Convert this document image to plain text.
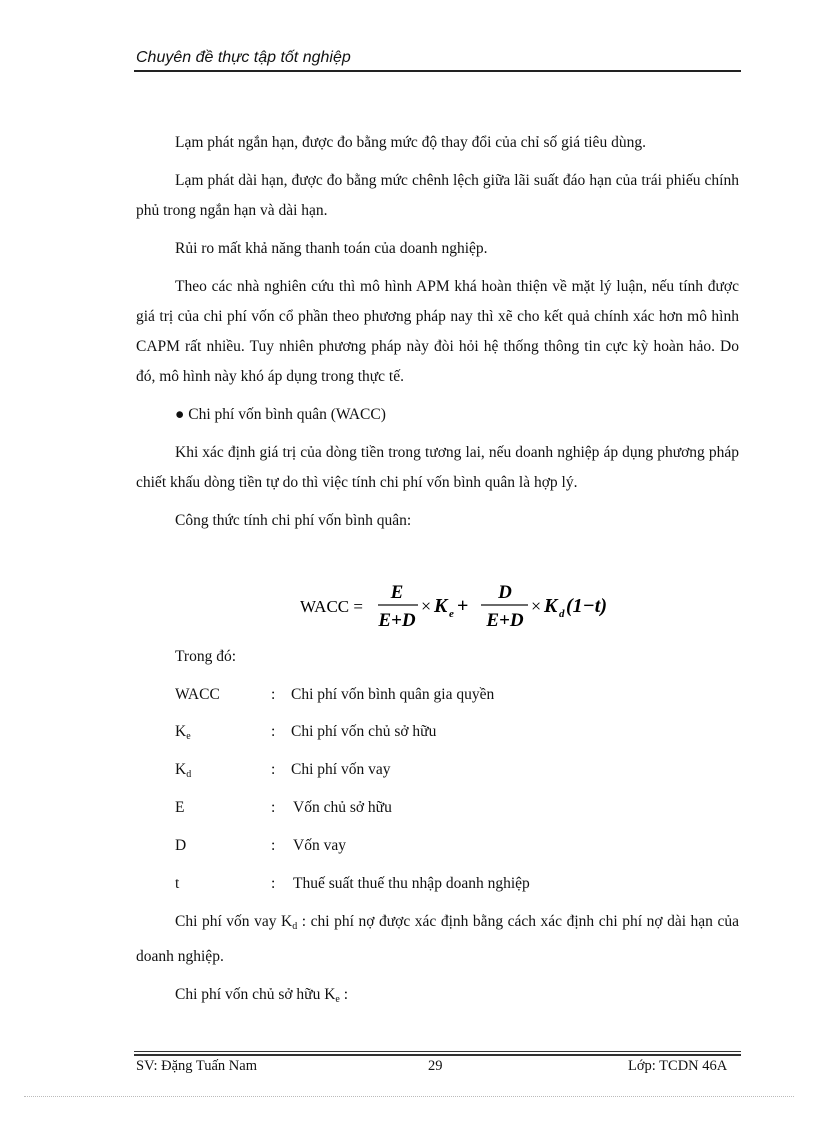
Chuyên đề thực tập tốt nghiệp

Lạm phát ngắn hạn, được đo bằng mức độ thay đổi của chỉ số giá tiêu dùng.

Lạm phát dài hạn, được đo bằng mức chênh lệch giữa lãi suất đáo hạn của trái phiếu chính phủ trong ngắn hạn và dài hạn.

Rủi ro mất khả năng thanh toán của doanh nghiệp.

Theo các nhà nghiên cứu thì mô hình APM khá hoàn thiện về mặt lý luận, nếu tính được giá trị của chi phí vốn cổ phần theo phương pháp nay thì xẽ cho kết quả chính xác hơn mô hình CAPM rất nhiều. Tuy nhiên phương pháp này đòi hỏi hệ thống thông tin cực kỳ hoàn hảo. Do đó, mô hình này khó áp dụng trong thực tế.

● Chi phí vốn bình quân (WACC)

Khi xác định giá trị của dòng tiền trong tương lai, nếu doanh nghiệp áp dụng phương pháp chiết khấu dòng tiền tự do thì việc tính chi phí vốn bình quân là hợp lý.

Công thức tính chi phí vốn bình quân:

WACC =
E
E+D
× K e +
D
E+D
× K d (1−t)
Trong đó:
WACC	: Chi phí vốn bình quân gia quyền
$K_e$	: Chi phí vốn chủ sở hữu
$K_d$	: Chi phí vốn vay
E	: Vốn chủ sở hữu
D	: Vốn vay
t	: Thuế suất thuế thu nhập doanh nghiệp

Chi phí vốn vay $K_d$ : chi phí nợ được xác định bằng cách xác định chi phí nợ dài hạn của doanh nghiệp.

Chi phí vốn chủ sở hữu $K_e$ :

SV: Đặng Tuấn Nam	29	Lớp: TCDN 46A
